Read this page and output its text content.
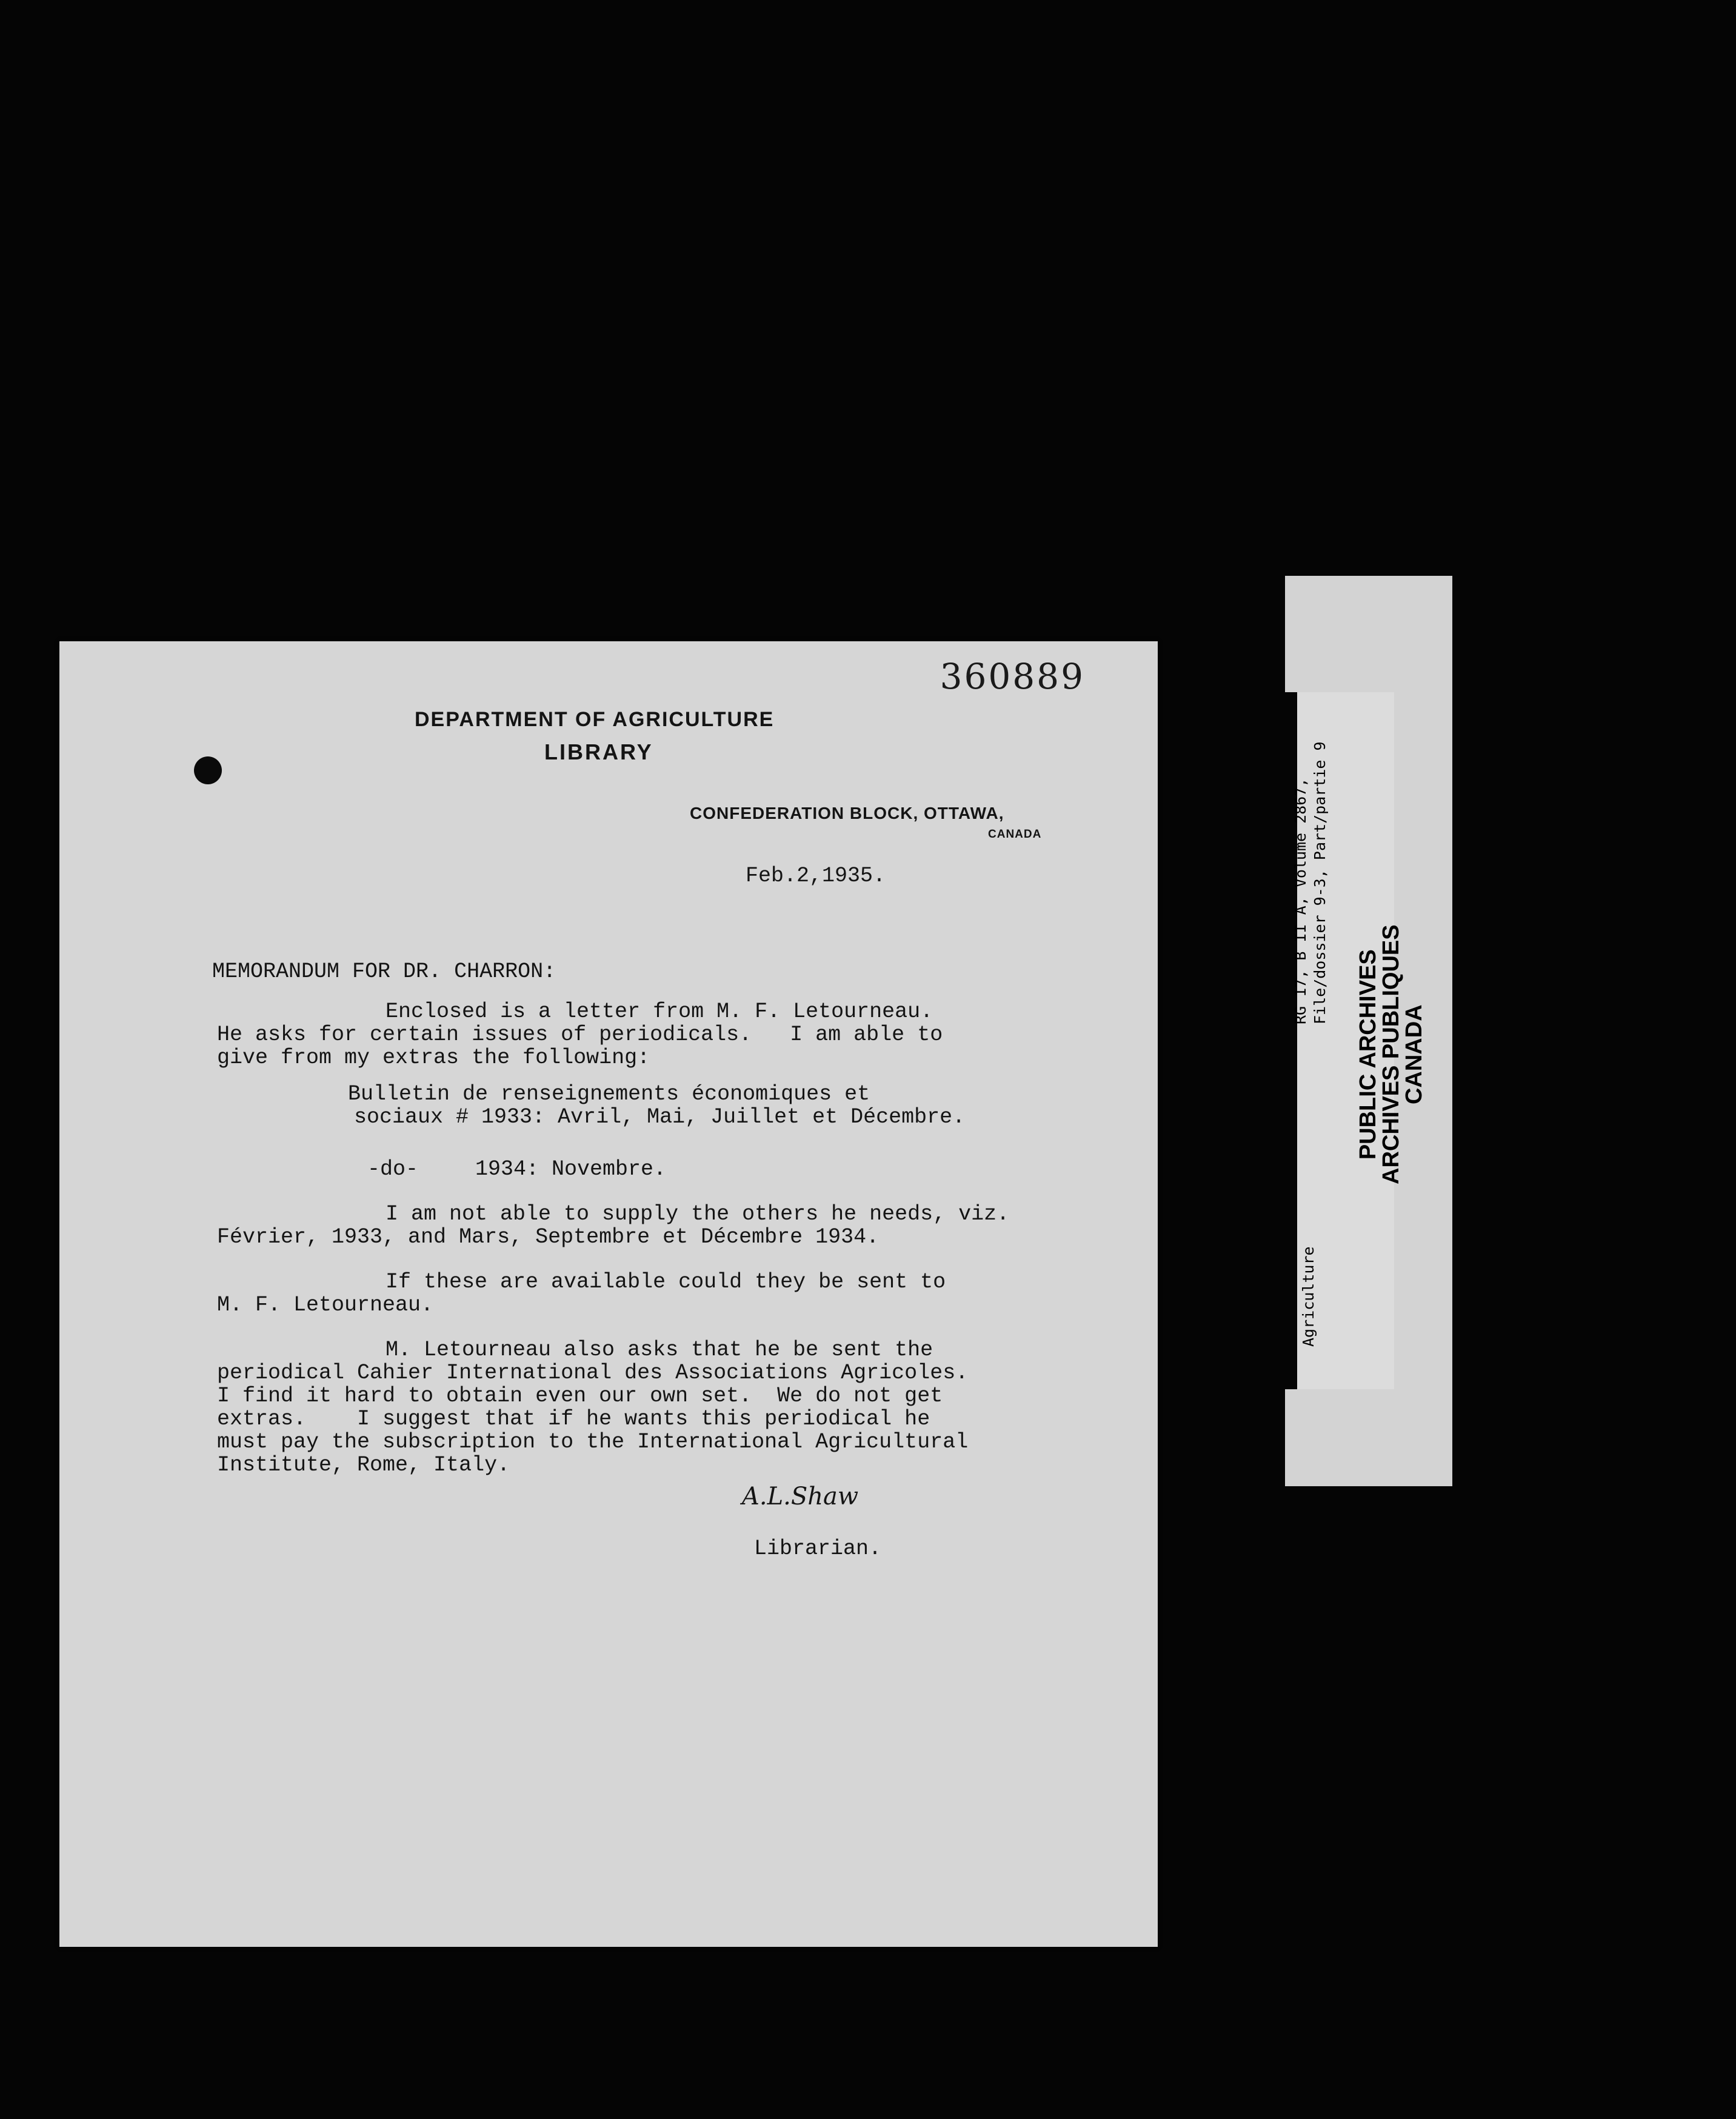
360889
DEPARTMENT OF AGRICULTURE
LIBRARY
CONFEDERATION BLOCK, OTTAWA,
CANADA
Feb.2,1935.
MEMORANDUM FOR DR. CHARRON:
Enclosed is a letter from M. F. Letourneau.
He asks for certain issues of periodicals.   I am able to
give from my extras the following:
Bulletin de renseignements économiques et
sociaux # 1933: Avril, Mai, Juillet et Décembre.
-do-	1934: Novembre.
I am not able to supply the others he needs, viz.
Février, 1933, and Mars, Septembre et Décembre 1934.
If these are available could they be sent to
M. F. Letourneau.
M. Letourneau also asks that he be sent the
periodical Cahier International des Associations Agricoles.
I find it hard to obtain even our own set.  We do not get
extras.    I suggest that if he wants this periodical he
must pay the subscription to the International Agricultural
Institute, Rome, Italy.
A.L.Shaw
Librarian.
Agriculture
RG 17, B II A, Volume 2867, File/dossier 9-3, Part/partie 9
PUBLIC ARCHIVES
ARCHIVES PUBLIQUES
CANADA
